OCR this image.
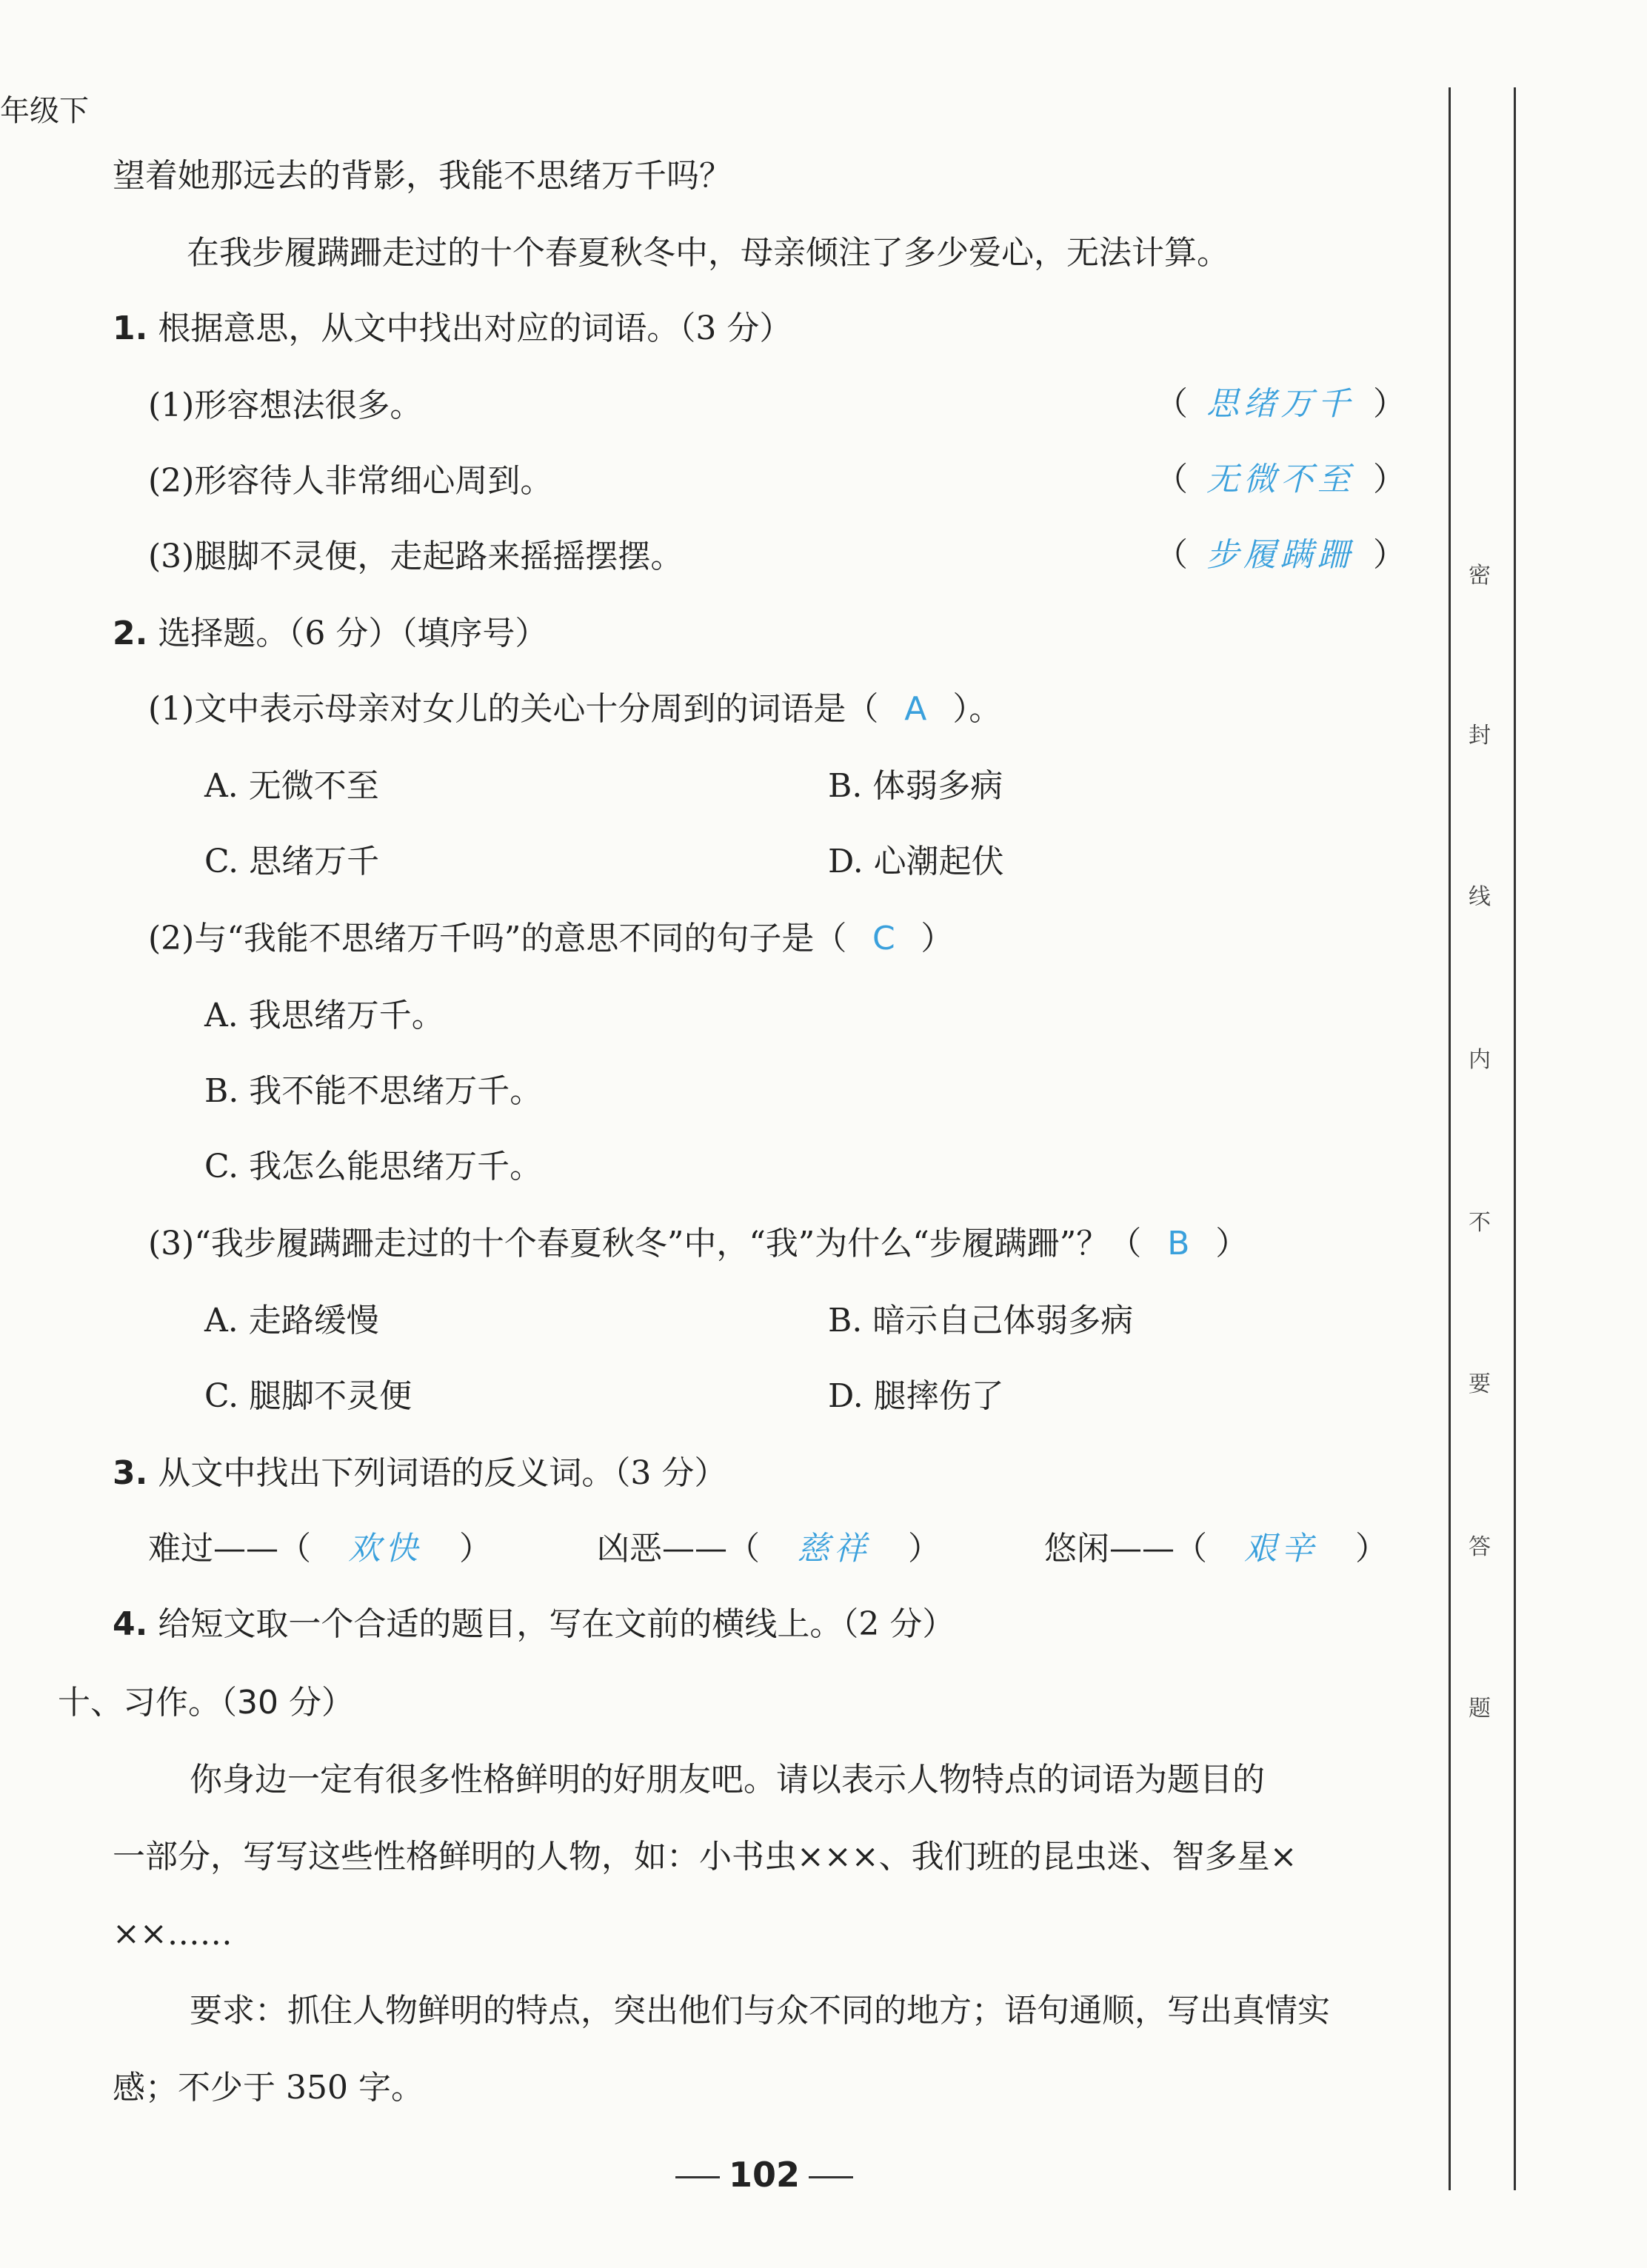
年级下
望着她那远去的背影，我能不思绪万千吗？
在我步履蹒跚走过的十个春夏秋冬中，母亲倾注了多少爱心，无法计算。
1. 根据意思，从文中找出对应的词语。（3 分）
(1)形容想法很多。	（ 思绪万千 ）
(2)形容待人非常细心周到。	（ 无微不至 ）
(3)腿脚不灵便，走起路来摇摇摆摆。	（ 步履蹒跚 ）
2. 选择题。（6 分）（填序号）
(1)文中表示母亲对女儿的关心十分周到的词语是（ A ）。
A. 无微不至	B. 体弱多病
C. 思绪万千	D. 心潮起伏
(2)与“我能不思绪万千吗”的意思不同的句子是（ C ）
A. 我思绪万千。
B. 我不能不思绪万千。
C. 我怎么能思绪万千。
(3)“我步履蹒跚走过的十个春夏秋冬”中，“我”为什么“步履蹒跚”？（ B ）
A. 走路缓慢	B. 暗示自己体弱多病
C. 腿脚不灵便	D. 腿摔伤了
3. 从文中找出下列词语的反义词。（3 分）
难过——（ 欢快 ）	凶恶——（ 慈祥 ）	悠闲——（ 艰辛 ）
4. 给短文取一个合适的题目，写在文前的横线上。（2 分）
十、习作。（30 分）
你身边一定有很多性格鲜明的好朋友吧。请以表示人物特点的词语为题目的
一部分，写写这些性格鲜明的人物，如：小书虫×××、我们班的昆虫迷、智多星×
××……
要求：抓住人物鲜明的特点，突出他们与众不同的地方；语句通顺，写出真情实
感；不少于 350 字。
102
密
封
线
内
不
要
答
题
